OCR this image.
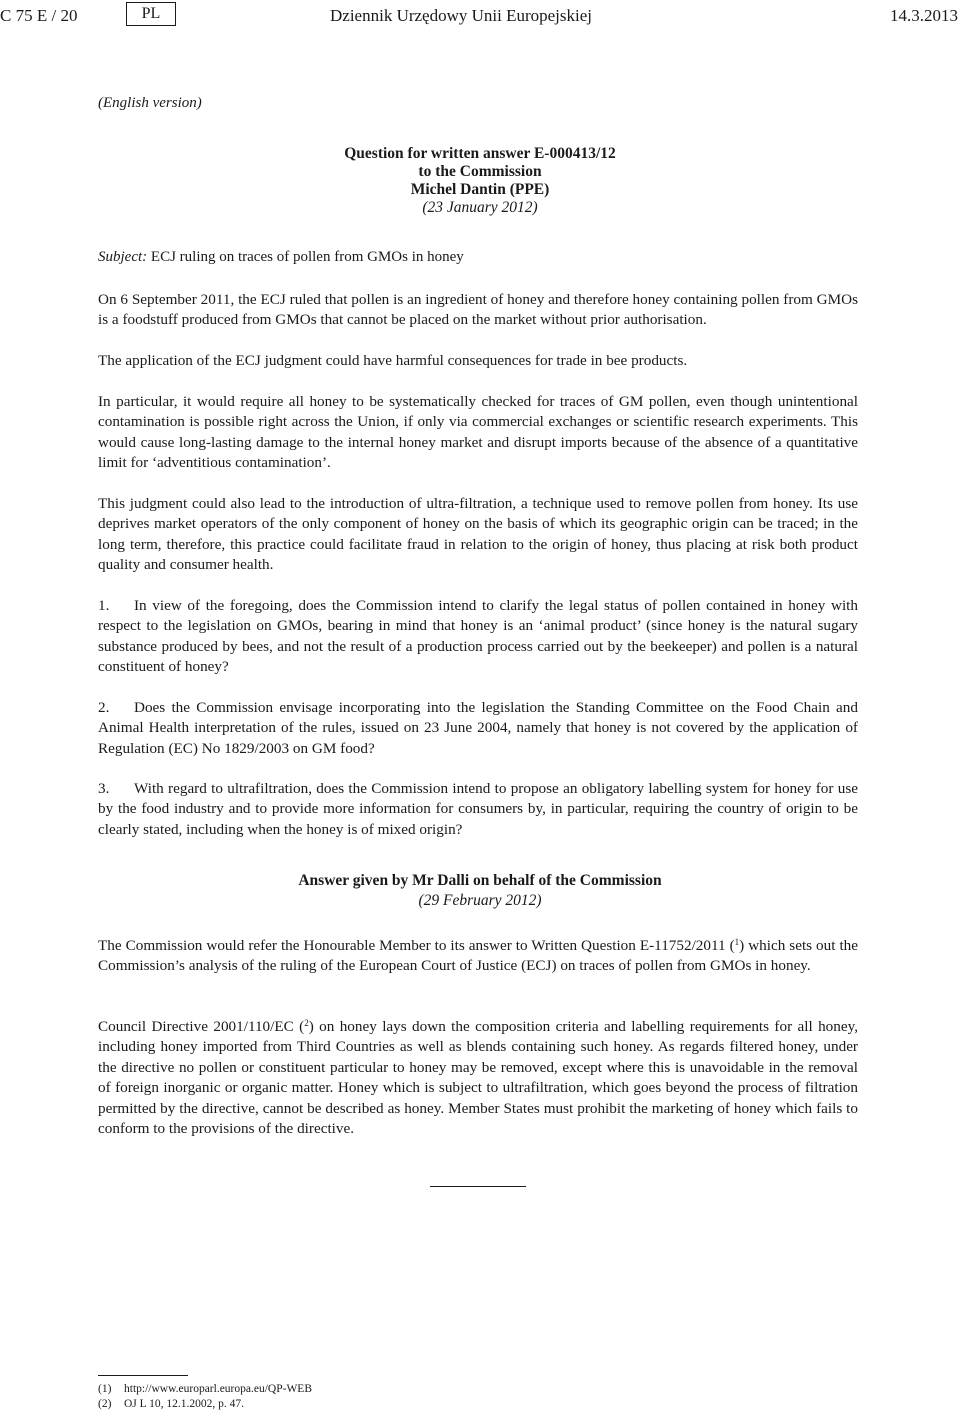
C 75 E / 20	PL	Dziennik Urzędowy Unii Europejskiej	14.3.2013
(English version)
Question for written answer E-000413/12
to the Commission
Michel Dantin (PPE)
(23 January 2012)
Subject: ECJ ruling on traces of pollen from GMOs in honey

On 6 September 2011, the ECJ ruled that pollen is an ingredient of honey and therefore honey containing pollen from GMOs is a foodstuff produced from GMOs that cannot be placed on the market without prior authorisation.

The application of the ECJ judgment could have harmful consequences for trade in bee products.

In particular, it would require all honey to be systematically checked for traces of GM pollen, even though unintentional contamination is possible right across the Union, if only via commercial exchanges or scientific research experiments. This would cause long-lasting damage to the internal honey market and disrupt imports because of the absence of a quantitative limit for ‘adventitious contamination’.

This judgment could also lead to the introduction of ultra-filtration, a technique used to remove pollen from honey. Its use deprives market operators of the only component of honey on the basis of which its geographic origin can be traced; in the long term, therefore, this practice could facilitate fraud in relation to the origin of honey, thus placing at risk both product quality and consumer health.

1. In view of the foregoing, does the Commission intend to clarify the legal status of pollen contained in honey with respect to the legislation on GMOs, bearing in mind that honey is an ‘animal product’ (since honey is the natural sugary substance produced by bees, and not the result of a production process carried out by the beekeeper) and pollen is a natural constituent of honey?

2. Does the Commission envisage incorporating into the legislation the Standing Committee on the Food Chain and Animal Health interpretation of the rules, issued on 23 June 2004, namely that honey is not covered by the application of Regulation (EC) No 1829/2003 on GM food?

3. With regard to ultrafiltration, does the Commission intend to propose an obligatory labelling system for honey for use by the food industry and to provide more information for consumers by, in particular, requiring the country of origin to be clearly stated, including when the honey is of mixed origin?

Answer given by Mr Dalli on behalf of the Commission
(29 February 2012)

The Commission would refer the Honourable Member to its answer to Written Question E-11752/2011 ($^1$) which sets out the Commission’s analysis of the ruling of the European Court of Justice (ECJ) on traces of pollen from GMOs in honey.

Council Directive 2001/110/EC ($^2$) on honey lays down the composition criteria and labelling requirements for all honey, including honey imported from Third Countries as well as blends containing such honey. As regards filtered honey, under the directive no pollen or constituent particular to honey may be removed, except where this is unavoidable in the removal of foreign inorganic or organic matter. Honey which is subject to ultrafiltration, which goes beyond the process of filtration permitted by the directive, cannot be described as honey. Member States must prohibit the marketing of honey which fails to conform to the provisions of the directive.

(1) http://www.europarl.europa.eu/QP-WEB
(2) OJ L 10, 12.1.2002, p. 47.
